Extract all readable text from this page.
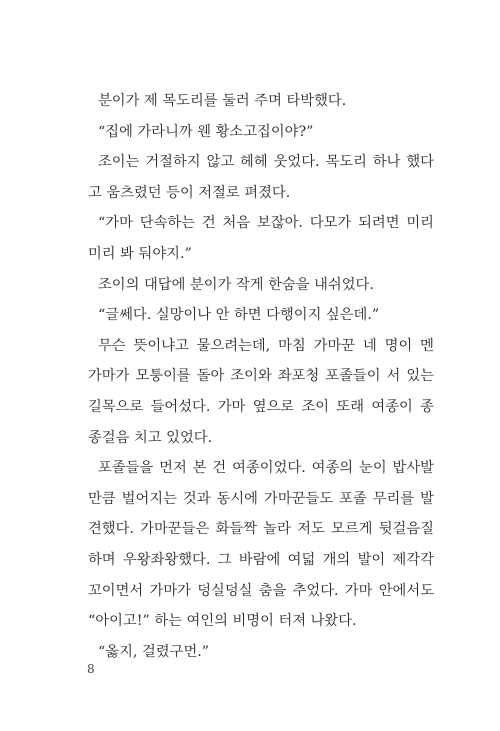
분이가 제 목도리를 둘러 주며 타박했다.
“집에 가라니까 웬 황소고집이야?”
조이는 거절하지 않고 헤헤 웃었다. 목도리 하나 했다
고 움츠렸던 등이 저절로 펴졌다.
“가마 단속하는 건 처음 보잖아. 다모가 되려면 미리
미리 봐 둬야지.”
조이의 대답에 분이가 작게 한숨을 내쉬었다.
“글쎄다. 실망이나 안 하면 다행이지 싶은데.”
무슨 뜻이냐고 물으려는데, 마침 가마꾼 네 명이 멘
가마가 모퉁이를 돌아 조이와 좌포청 포졸들이 서 있는
길목으로 들어섰다. 가마 옆으로 조이 또래 여종이 종
종걸음 치고 있었다.
포졸들을 먼저 본 건 여종이었다. 여종의 눈이 밥사발
만큼 벌어지는 것과 동시에 가마꾼들도 포졸 무리를 발
견했다. 가마꾼들은 화들짝 놀라 저도 모르게 뒷걸음질
하며 우왕좌왕했다. 그 바람에 여덟 개의 발이 제각각
꼬이면서 가마가 덩실덩실 춤을 추었다. 가마 안에서도
“아이고!” 하는 여인의 비명이 터져 나왔다.
“옳지, 걸렸구먼.”
8
